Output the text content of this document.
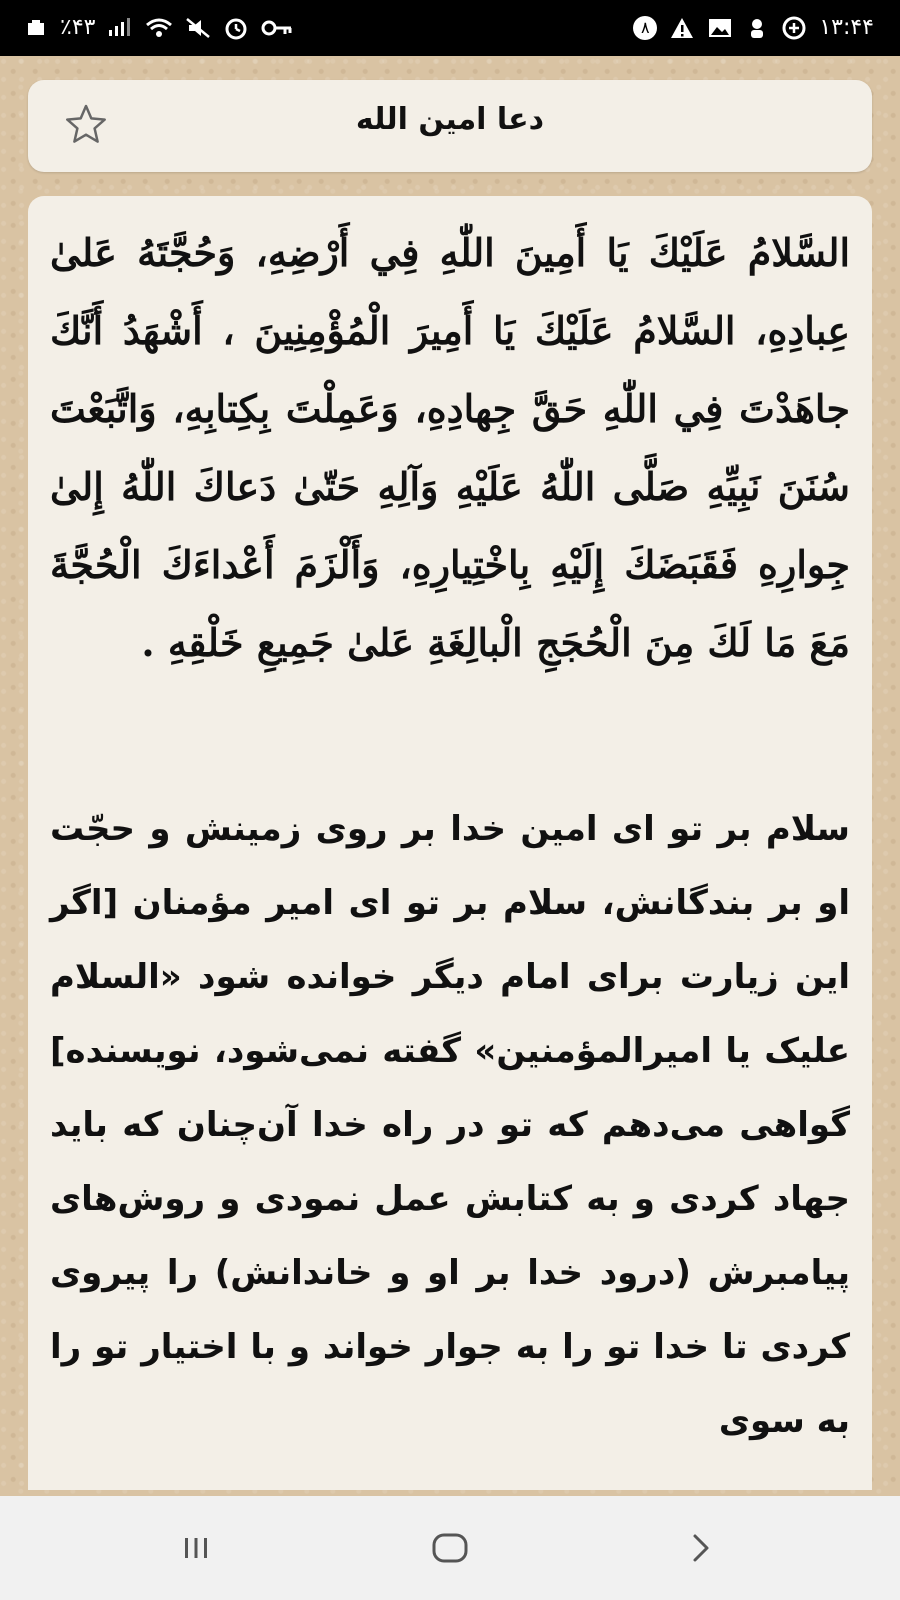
٪۴۳	۸	۱۳:۴۴
دعا امین الله

السَّلامُ عَلَيْكَ يَا أَمِينَ اللّٰهِ فِي أَرْضِهِ، وَحُجَّتَهُ عَلىٰ عِبادِهِ، السَّلامُ عَلَيْكَ يَا أَمِيرَ الْمُؤْمِنِينَ ، أَشْهَدُ أَنَّكَ جاهَدْتَ فِي اللّٰهِ حَقَّ جِهادِهِ، وَعَمِلْتَ بِكِتابِهِ، وَاتَّبَعْتَ سُنَنَ نَبِيِّهِ صَلَّى اللّٰهُ عَلَيْهِ وَآلِهِ حَتّىٰ دَعاكَ اللّٰهُ إِلىٰ جِوارِهِ فَقَبَضَكَ إِلَيْهِ بِاخْتِيارِهِ، وَأَلْزَمَ أَعْداءَكَ الْحُجَّةَ مَعَ مَا لَكَ مِنَ الْحُجَجِ الْبالِغَةِ عَلىٰ جَمِيعِ خَلْقِهِ .

سلام بر تو ای امین خدا بر روی زمینش و حجّت او بر بندگانش، سلام بر تو ای امیر مؤمنان [اگر این زیارت برای امام دیگر خوانده شود «السلام علیک یا امیرالمؤمنین» گفته نمی‌شود، نویسنده] گواهی می‌دهم که تو در راه خدا آن‌چنان که باید جهاد کردی و به کتابش عمل نمودی و روش‌های پیامبرش (درود خدا بر او و خاندانش) را پیروی کردی تا خدا تو را به جوار خواند و با اختیار تو را به سوی
